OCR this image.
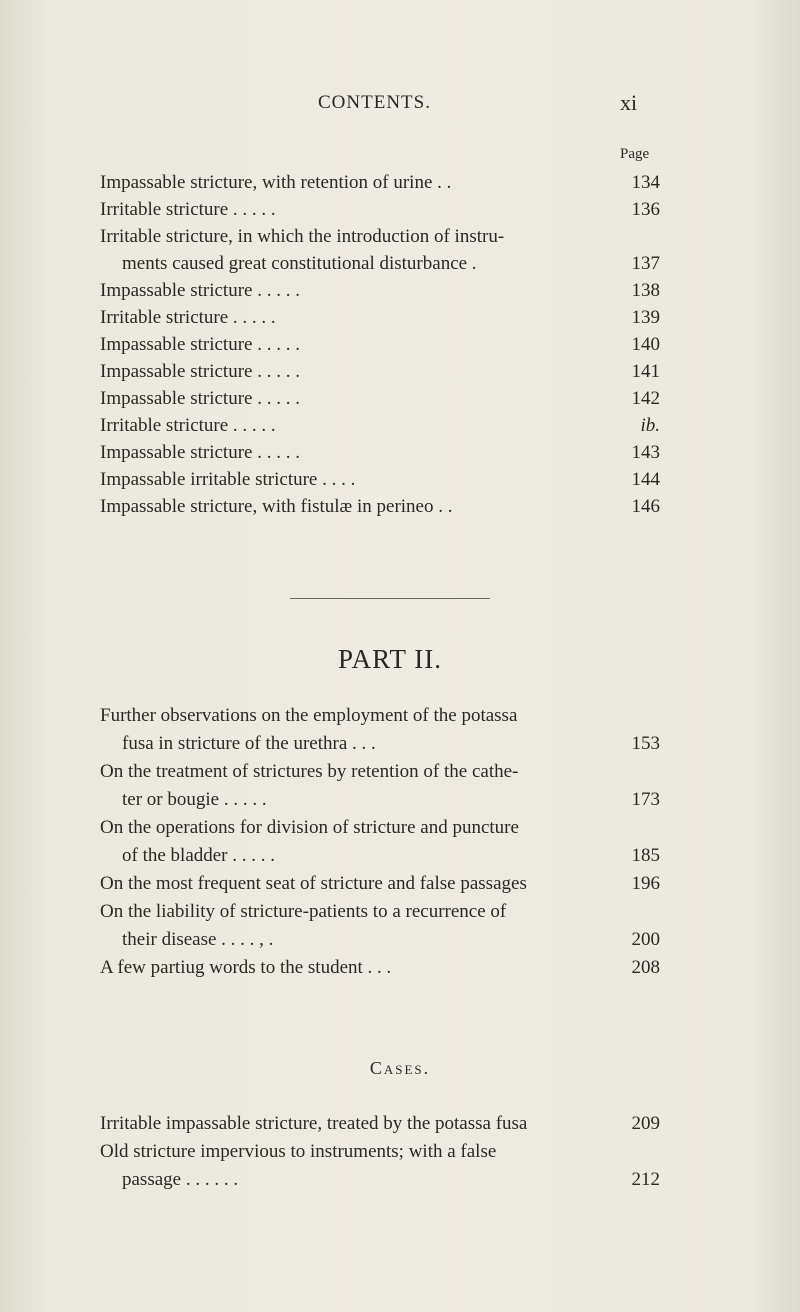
CONTENTS.	xi
Page
Impassable stricture, with retention of urine . .	134
Irritable stricture . . . . .	136
Irritable stricture, in which the introduction of instru-
ments caused great constitutional disturbance .	137
Impassable stricture . . . . .	138
Irritable stricture . . . . .	139
Impassable stricture . . . . .	140
Impassable stricture . . . . .	141
Impassable stricture . . . . .	142
Irritable stricture . . . . .	ib.
Impassable stricture . . . . .	143
Impassable irritable stricture . . . .	144
Impassable stricture, with fistulæ in perineo . .	146
PART II.
Further observations on the employment of the potassa
fusa in stricture of the urethra . . .	153
On the treatment of strictures by retention of the cathe-
ter or bougie . . . . .	173
On the operations for division of stricture and puncture
of the bladder . . . . .	185
On the most frequent seat of stricture and false passages	196
On the liability of stricture-patients to a recurrence of
their disease . . . . , .	200
A few partiug words to the student . . .	208
Cases.
Irritable impassable stricture, treated by the potassa fusa	209
Old stricture impervious to instruments; with a false
passage . . . . . .	212
